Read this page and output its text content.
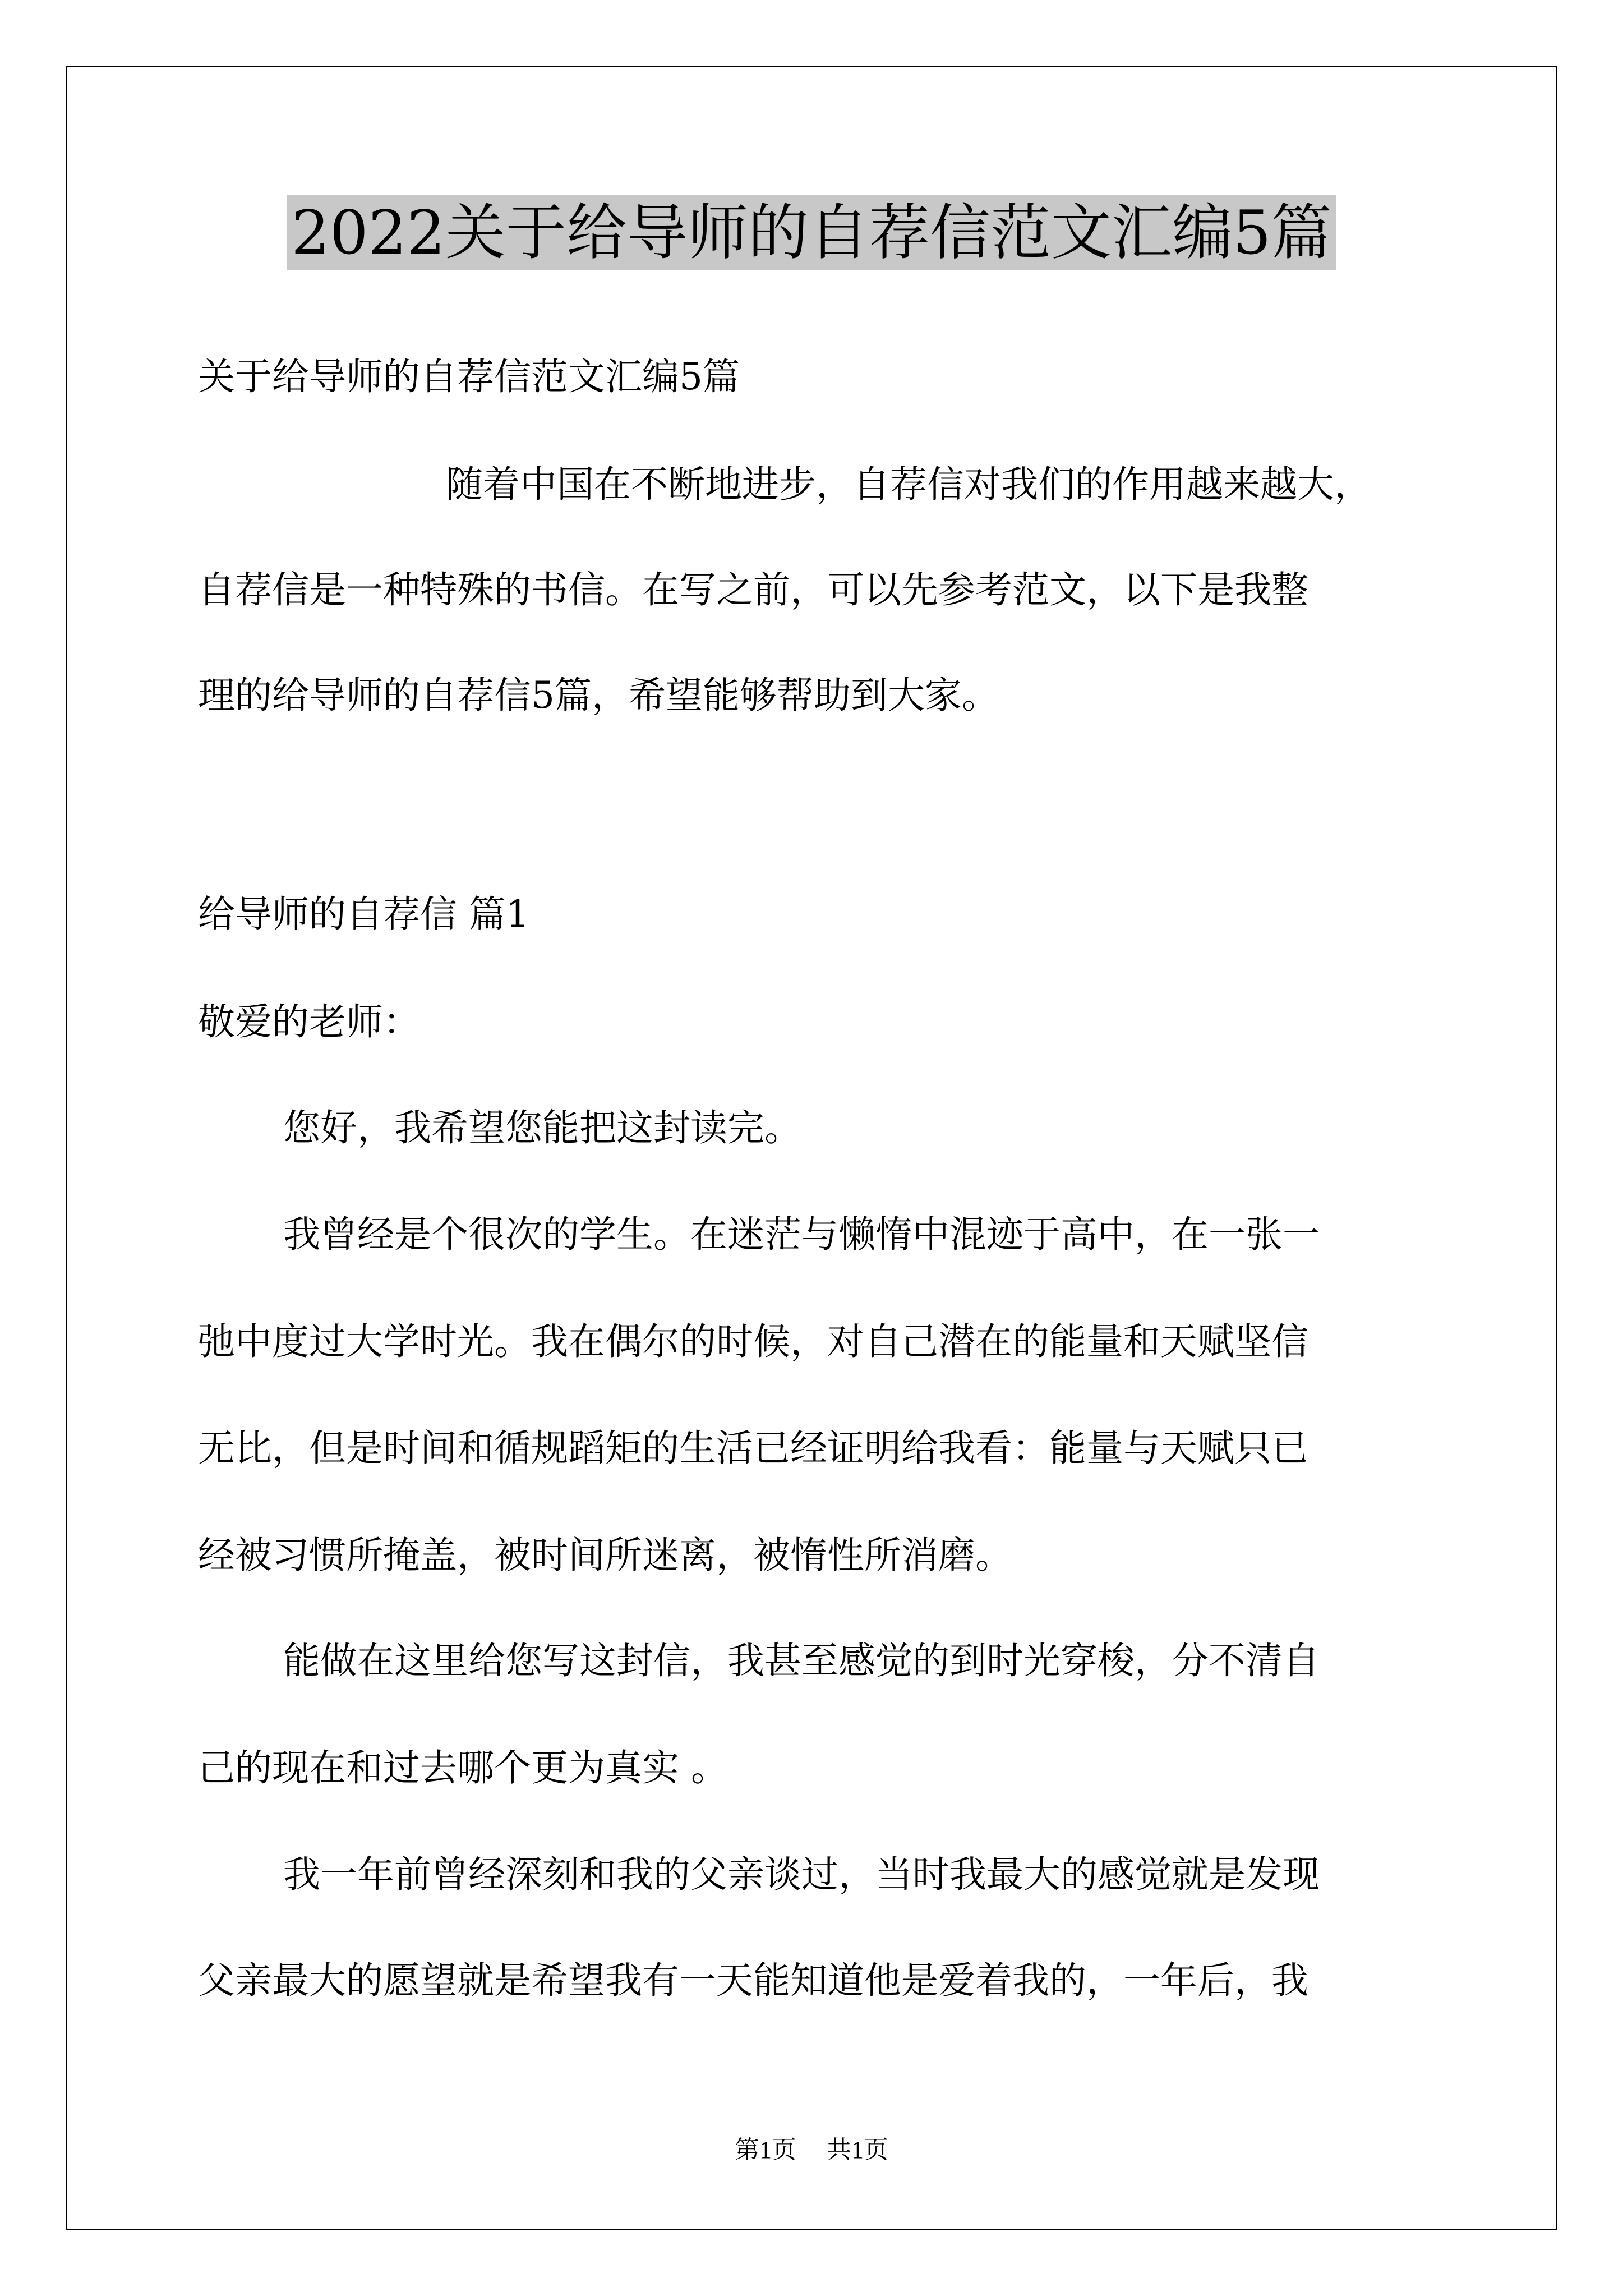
2022关于给导师的自荐信范文汇编5篇
关于给导师的自荐信范文汇编5篇
随着中国在不断地进步，自荐信对我们的作用越来越大，
自荐信是一种特殊的书信。在写之前，可以先参考范文，以下是我整
理的给导师的自荐信5篇，希望能够帮助到大家。
给导师的自荐信 篇1
敬爱的老师：
您好，我希望您能把这封读完。
我曾经是个很次的学生。在迷茫与懒惰中混迹于高中，在一张一
弛中度过大学时光。我在偶尔的时候，对自己潜在的能量和天赋坚信
无比，但是时间和循规蹈矩的生活已经证明给我看：能量与天赋只已
经被习惯所掩盖，被时间所迷离，被惰性所消磨。
能做在这里给您写这封信，我甚至感觉的到时光穿梭，分不清自
己的现在和过去哪个更为真实 。
我一年前曾经深刻和我的父亲谈过，当时我最大的感觉就是发现
父亲最大的愿望就是希望我有一天能知道他是爱着我的，一年后，我
第1页 共1页
